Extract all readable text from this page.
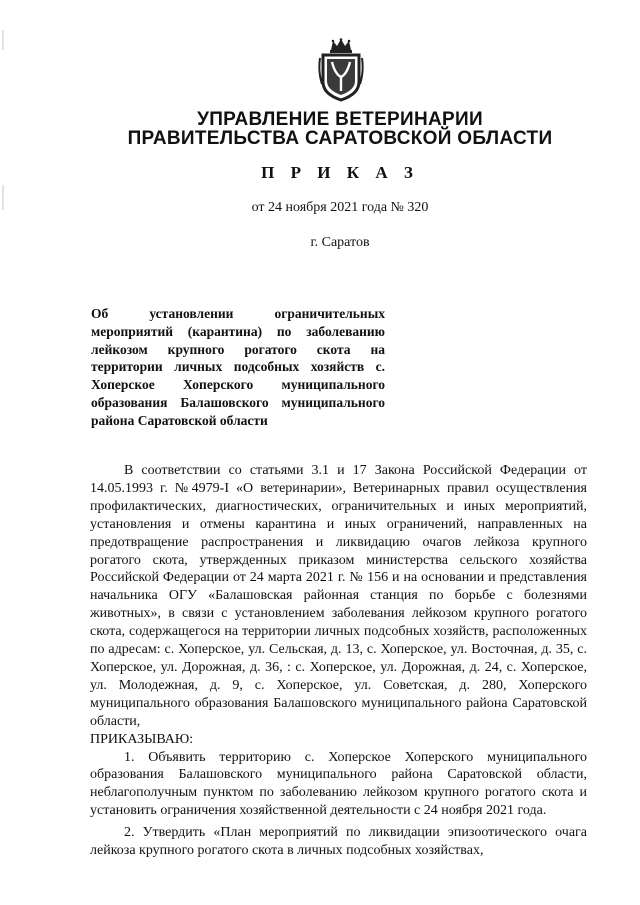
УПРАВЛЕНИЕ ВЕТЕРИНАРИИ
ПРАВИТЕЛЬСТВА САРАТОВСКОЙ ОБЛАСТИ
П Р И К А З
от 24 ноября 2021 года № 320
г. Саратов
Об установлении ограничительных мероприятий (карантина) по заболеванию лейкозом крупного рогатого скота на территории личных подсобных хозяйств с. Хоперское Хоперского муниципального образования Балашовского муниципального района Саратовской области

В соответствии со статьями 3.1 и 17 Закона Российской Федерации от 14.05.1993 г. №4979-I «О ветеринарии», Ветеринарных правил осуществления профилактических, диагностических, ограничительных и иных мероприятий, установления и отмены карантина и иных ограничений, направленных на предотвращение распространения и ликвидацию очагов лейкоза крупного рогатого скота, утвержденных приказом министерства сельского хозяйства Российской Федерации от 24 марта 2021 г. № 156 и на основании и представления начальника ОГУ «Балашовская районная станция по борьбе с болезнями животных», в связи с установлением заболевания лейкозом крупного рогатого скота, содержащегося на территории личных подсобных хозяйств, расположенных по адресам: с. Хоперское, ул. Сельская, д. 13, с. Хоперское, ул. Восточная, д. 35, с. Хоперское, ул. Дорожная, д. 36, : с. Хоперское, ул. Дорожная, д. 24, с. Хоперское, ул. Молодежная, д. 9, с. Хоперское, ул. Советская, д. 280, Хоперского муниципального образования Балашовского муниципального района Саратовской области,

ПРИКАЗЫВАЮ:

1. Объявить территорию с. Хоперское Хоперского муниципального образования Балашовского муниципального района Саратовской области, неблагополучным пунктом по заболеванию лейкозом крупного рогатого скота и установить ограничения хозяйственной деятельности с 24 ноября 2021 года.

2. Утвердить «План мероприятий по ликвидации эпизоотического очага лейкоза крупного рогатого скота в личных подсобных хозяйствах,
